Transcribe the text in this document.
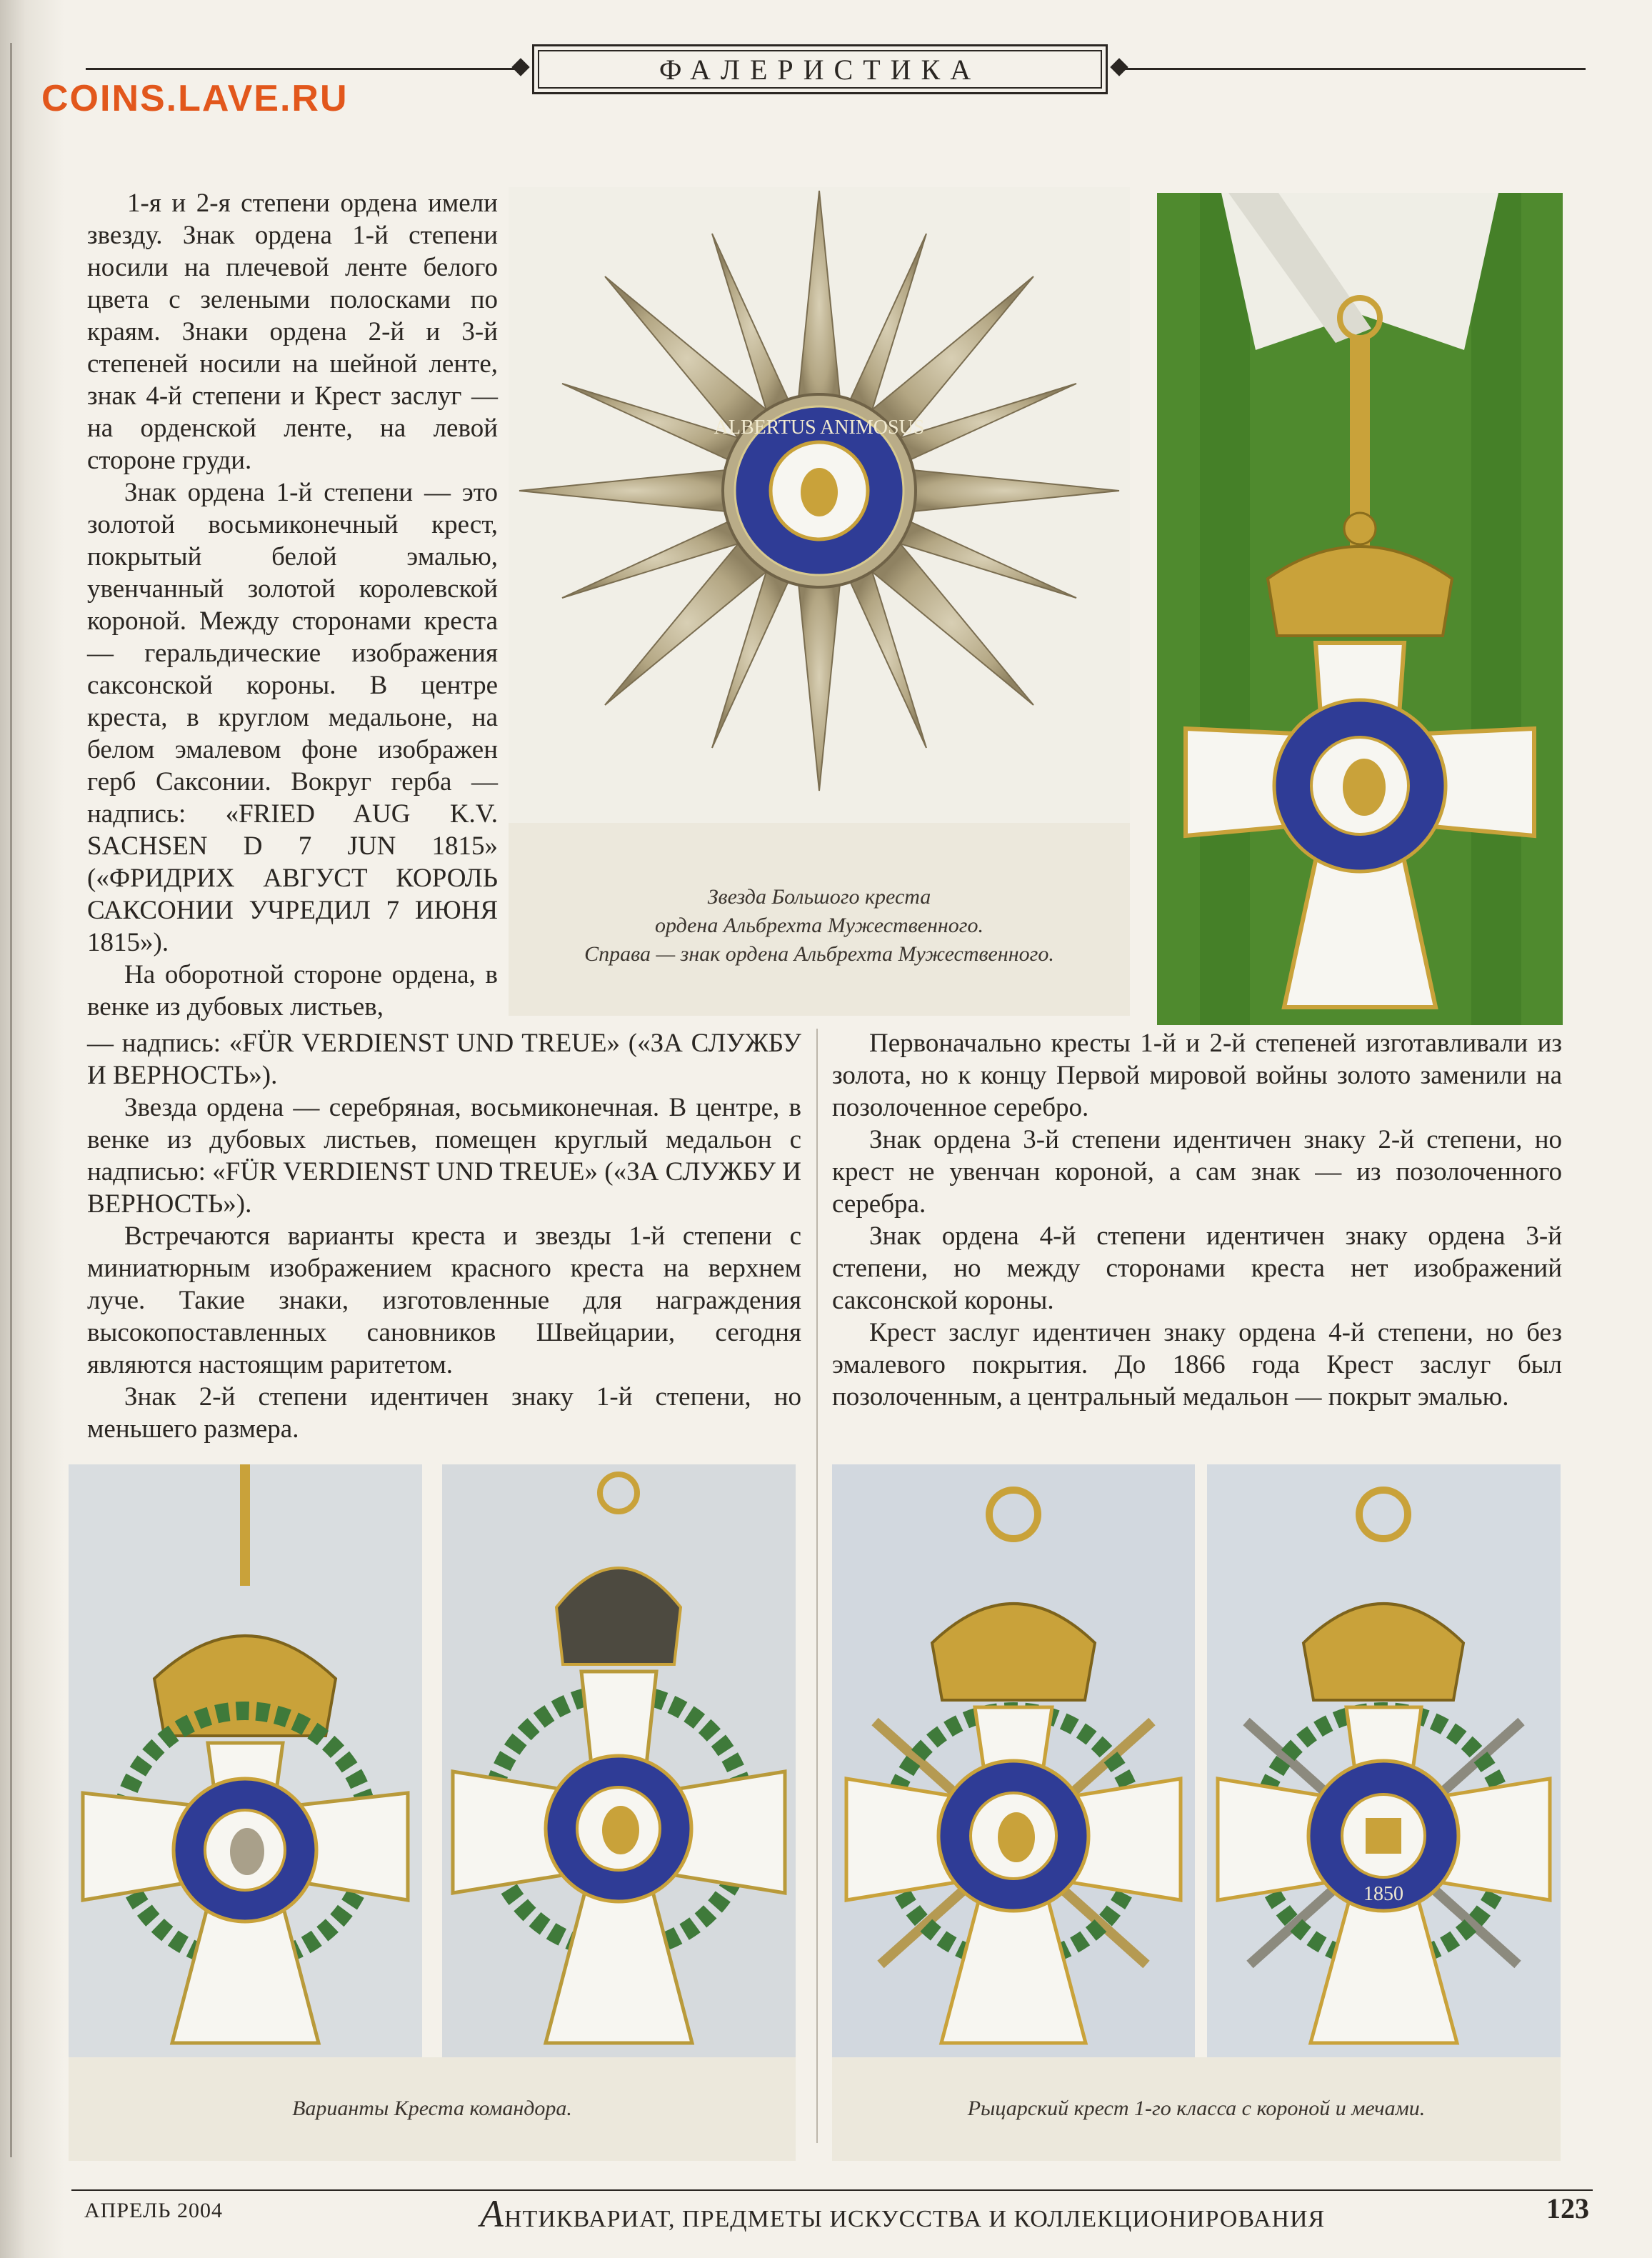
COINS.LAVE.RU
ФАЛЕРИСТИКА

1-я и 2-я степени ордена имели звезду. Знак ордена 1-й степени носили на плечевой ленте белого цвета с зелеными полосками по краям. Знаки ордена 2-й и 3-й степеней носили на шейной ленте, знак 4-й степени и Крест заслуг — на орденской ленте, на левой стороне груди.

Знак ордена 1-й степени — это золотой восьмиконечный крест, покрытый белой эмалью, увенчанный золотой королевской короной. Между сторонами креста — геральдические изображения саксонской короны. В центре креста, в круглом медальоне, на белом эмалевом фоне изображен герб Саксонии. Вокруг герба — надпись: «FRIED AUG K.V. SACHSEN D 7 JUN 1815» («ФРИДРИХ АВГУСТ КОРОЛЬ САКСОНИИ УЧРЕДИЛ 7 ИЮНЯ 1815»).

На оборотной стороне ордена, в венке из дубовых листьев,

ALBERTUS ANIMOSUS
Звезда Большого креста
ордена Альбрехта Мужественного.
Справа — знак ордена Альбрехта Мужественного.

— надпись: «FÜR VERDIENST UND TREUE» («ЗА СЛУЖБУ И ВЕРНОСТЬ»).

Звезда ордена — серебряная, восьмиконечная. В центре, в венке из дубовых листьев, помещен круглый медальон с надписью: «FÜR VERDIENST UND TREUE» («ЗА СЛУЖБУ И ВЕРНОСТЬ»).

Встречаются варианты креста и звезды 1-й степени с миниатюрным изображением красного креста на верхнем луче. Такие знаки, изготовленные для награждения высокопоставленных сановников Швейцарии, сегодня являются настоящим раритетом.

Знак 2-й степени идентичен знаку 1-й степени, но меньшего размера.

Первоначально кресты 1-й и 2-й степеней изготавливали из золота, но к концу Первой мировой войны золото заменили на позолоченное серебро.

Знак ордена 3-й степени идентичен знаку 2-й степени, но крест не увенчан короной, а сам знак — из позолоченного серебра.

Знак ордена 4-й степени идентичен знаку ордена 3-й степени, но между сторонами креста нет изображений саксонской короны.

Крест заслуг идентичен знаку ордена 4-й степени, но без эмалевого покрытия. До 1866 года Крест заслуг был позолоченным, а центральный медальон — покрыт эмалью.

Варианты Креста командора.
1850
Рыцарский крест 1-го класса с короной и мечами.
АПРЕЛЬ 2004	АНТИКВАРИАТ, ПРЕДМЕТЫ ИСКУССТВА И КОЛЛЕКЦИОНИРОВАНИЯ	123
